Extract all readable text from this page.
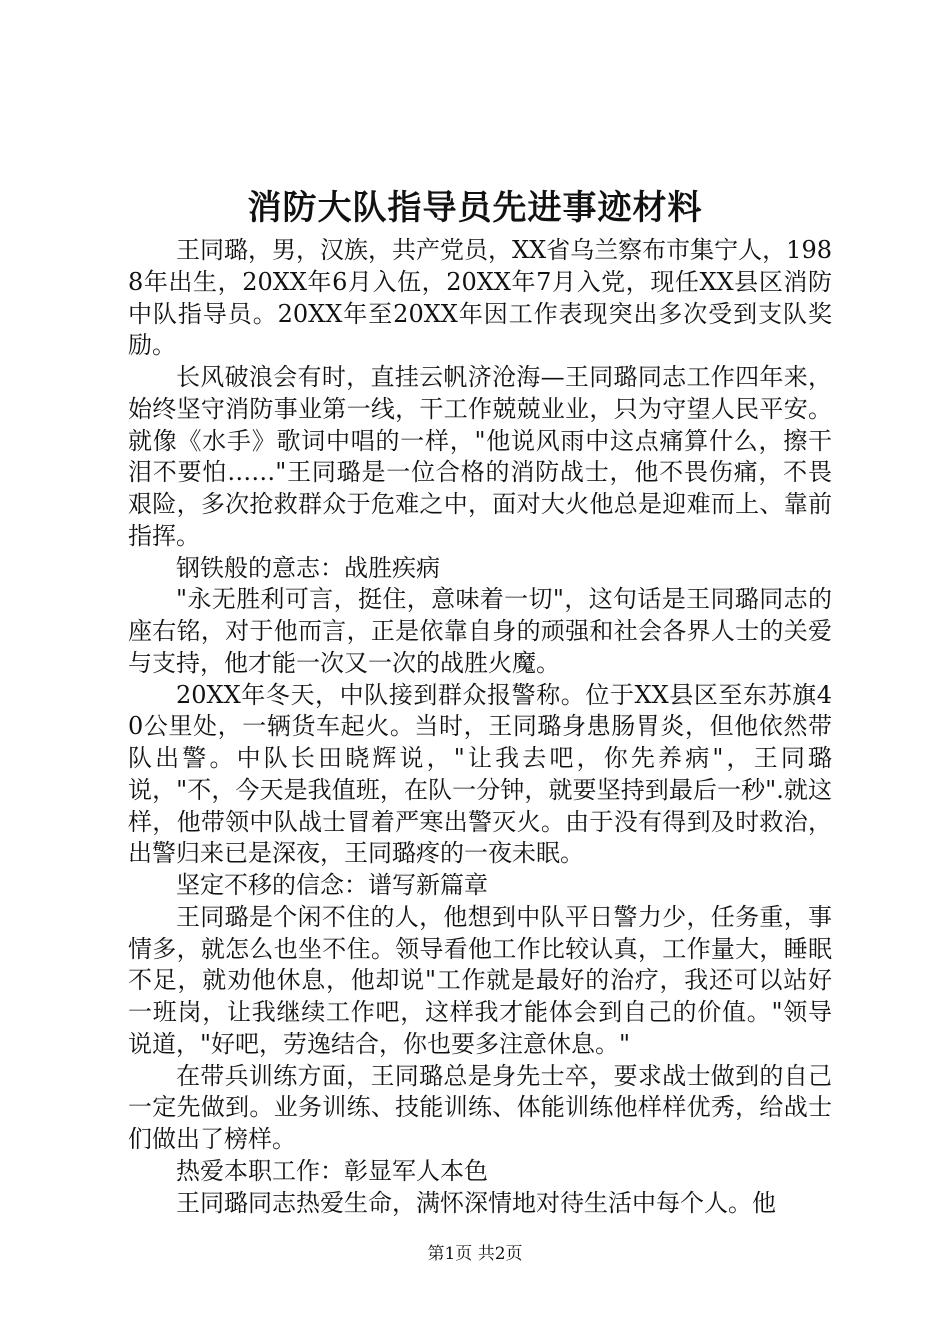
消防大队指导员先进事迹材料

王同璐，男，汉族，共产党员，XX省乌兰察布市集宁人，1988年出生，20XX年6月入伍，20XX年7月入党，现任XX县区消防中队指导员。20XX年至20XX年因工作表现突出多次受到支队奖励。

长风破浪会有时，直挂云帆济沧海—王同璐同志工作四年来，始终坚守消防事业第一线，干工作兢兢业业，只为守望人民平安。就像《水手》歌词中唱的一样，"他说风雨中这点痛算什么，擦干泪不要怕……"王同璐是一位合格的消防战士，他不畏伤痛，不畏艰险，多次抢救群众于危难之中，面对大火他总是迎难而上、靠前指挥。

钢铁般的意志：战胜疾病

"永无胜利可言，挺住，意味着一切"，这句话是王同璐同志的座右铭，对于他而言，正是依靠自身的顽强和社会各界人士的关爱与支持，他才能一次又一次的战胜火魔。

20XX年冬天，中队接到群众报警称。位于XX县区至东苏旗40公里处，一辆货车起火。当时，王同璐身患肠胃炎，但他依然带队出警。中队长田晓辉说，"让我去吧，你先养病"，王同璐说，"不，今天是我值班，在队一分钟，就要坚持到最后一秒".就这样，他带领中队战士冒着严寒出警灭火。由于没有得到及时救治，出警归来已是深夜，王同璐疼的一夜未眠。

坚定不移的信念：谱写新篇章

王同璐是个闲不住的人，他想到中队平日警力少，任务重，事情多，就怎么也坐不住。领导看他工作比较认真，工作量大，睡眠不足，就劝他休息，他却说"工作就是最好的治疗，我还可以站好一班岗，让我继续工作吧，这样我才能体会到自己的价值。"领导说道，"好吧，劳逸结合，你也要多注意休息。"

在带兵训练方面，王同璐总是身先士卒，要求战士做到的自己一定先做到。业务训练、技能训练、体能训练他样样优秀，给战士们做出了榜样。

热爱本职工作：彰显军人本色

王同璐同志热爱生命，满怀深情地对待生活中每个人。他

第1页 共2页
